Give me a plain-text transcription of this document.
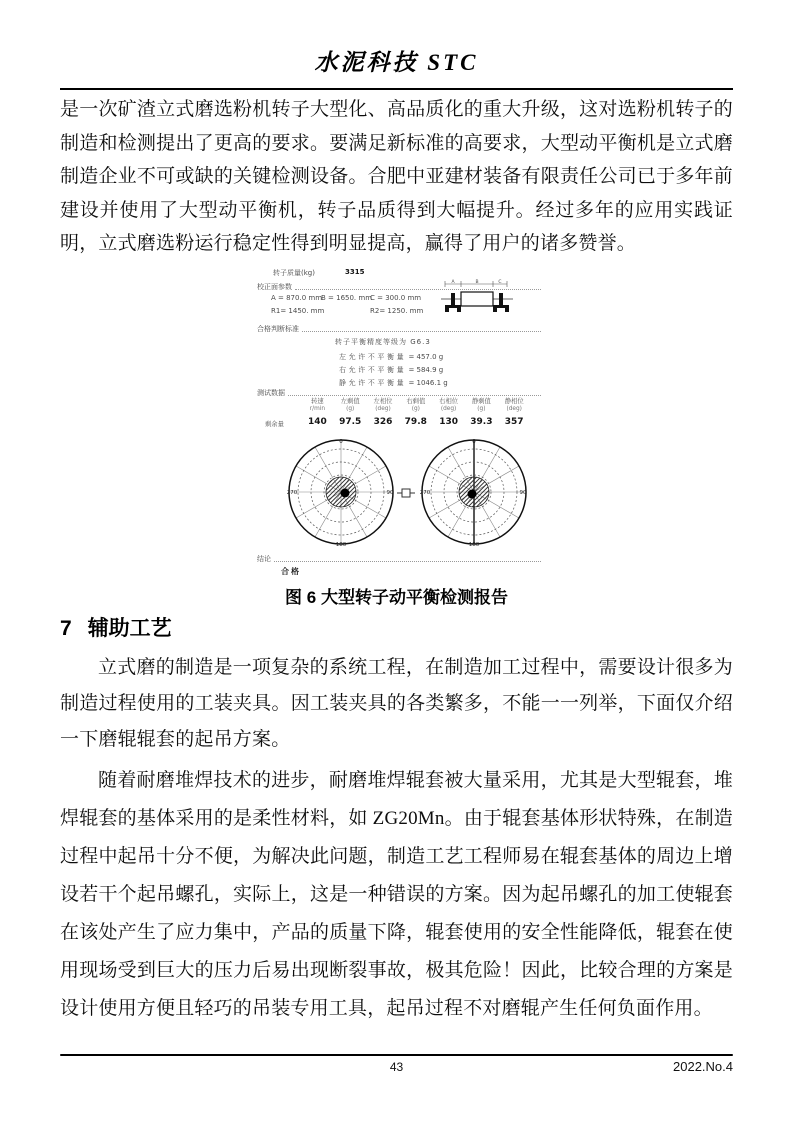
水泥科技 STC

是一次矿渣立式磨选粉机转子大型化、高品质化的重大升级，这对选粉机转子的制造和检测提出了更高的要求。要满足新标准的高要求，大型动平衡机是立式磨制造企业不可或缺的关键检测设备。合肥中亚建材装备有限责任公司已于多年前建设并使用了大型动平衡机，转子品质得到大幅提升。经过多年的应用实践证明，立式磨选粉运行稳定性得到明显提高，赢得了用户的诸多赞誉。

转子质量(kg)	3315
校正面参数
A = 870.0 mm
B = 1650. mm
C = 300.0 mm
R1= 1450. mm	R2= 1250. mm
A	B	C
合格判断标准
转子平衡精度等级为 G6.3
左允许不平衡量 = 457.0 g
右允许不平衡量 = 584.9 g
静允许不平衡量 = 1046.1 g
测试数据
转速	左剩值	左相位	右剩值	右相位	静剩值	静相位
r/min	(g)	(deg)	(g)	(deg)	(g)	(deg)
剩余量	140	97.5	326	79.8	130	39.3	357
0
90
180
270
0
90
180
270
结论
合格
图 6 大型转子动平衡检测报告
7 辅助工艺

立式磨的制造是一项复杂的系统工程，在制造加工过程中，需要设计很多为制造过程使用的工装夹具。因工装夹具的各类繁多，不能一一列举，下面仅介绍一下磨辊辊套的起吊方案。

随着耐磨堆焊技术的进步，耐磨堆焊辊套被大量采用，尤其是大型辊套，堆焊辊套的基体采用的是柔性材料，如 ZG20Mn。由于辊套基体形状特殊，在制造过程中起吊十分不便，为解决此问题，制造工艺工程师易在辊套基体的周边上增设若干个起吊螺孔，实际上，这是一种错误的方案。因为起吊螺孔的加工使辊套在该处产生了应力集中，产品的质量下降，辊套使用的安全性能降低，辊套在使用现场受到巨大的压力后易出现断裂事故，极其危险！因此，比较合理的方案是设计使用方便且轻巧的吊装专用工具，起吊过程不对磨辊产生任何负面作用。

43	2022.No.4
